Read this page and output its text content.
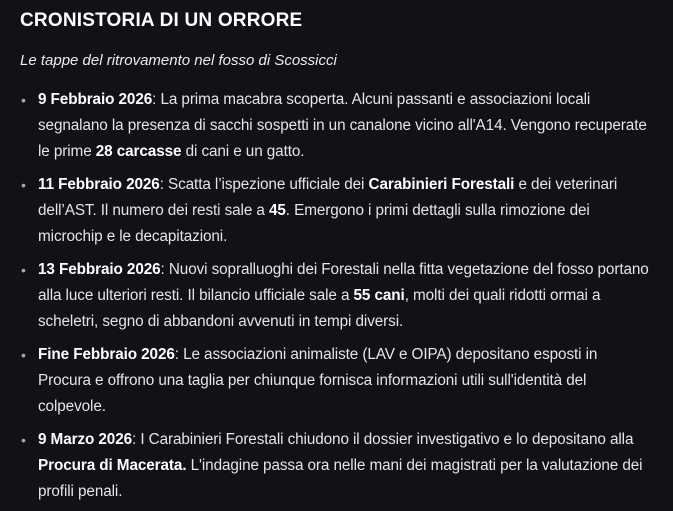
CRONISTORIA DI UN ORRORE

Le tappe del ritrovamento nel fosso di Scossicci

• 9 Febbraio 2026: La prima macabra scoperta. Alcuni passanti e associazioni locali segnalano la presenza di sacchi sospetti in un canalone vicino all'A14. Vengono recuperate le prime 28 carcasse di cani e un gatto.
• 11 Febbraio 2026: Scatta l’ispezione ufficiale dei Carabinieri Forestali e dei veterinari dell’AST. Il numero dei resti sale a 45. Emergono i primi dettagli sulla rimozione dei microchip e le decapitazioni.
• 13 Febbraio 2026: Nuovi sopralluoghi dei Forestali nella fitta vegetazione del fosso portano alla luce ulteriori resti. Il bilancio ufficiale sale a 55 cani, molti dei quali ridotti ormai a scheletri, segno di abbandoni avvenuti in tempi diversi.
• Fine Febbraio 2026: Le associazioni animaliste (LAV e OIPA) depositano esposti in Procura e offrono una taglia per chiunque fornisca informazioni utili sull'identità del colpevole.
• 9 Marzo 2026: I Carabinieri Forestali chiudono il dossier investigativo e lo depositano alla Procura di Macerata. L'indagine passa ora nelle mani dei magistrati per la valutazione dei profili penali.
